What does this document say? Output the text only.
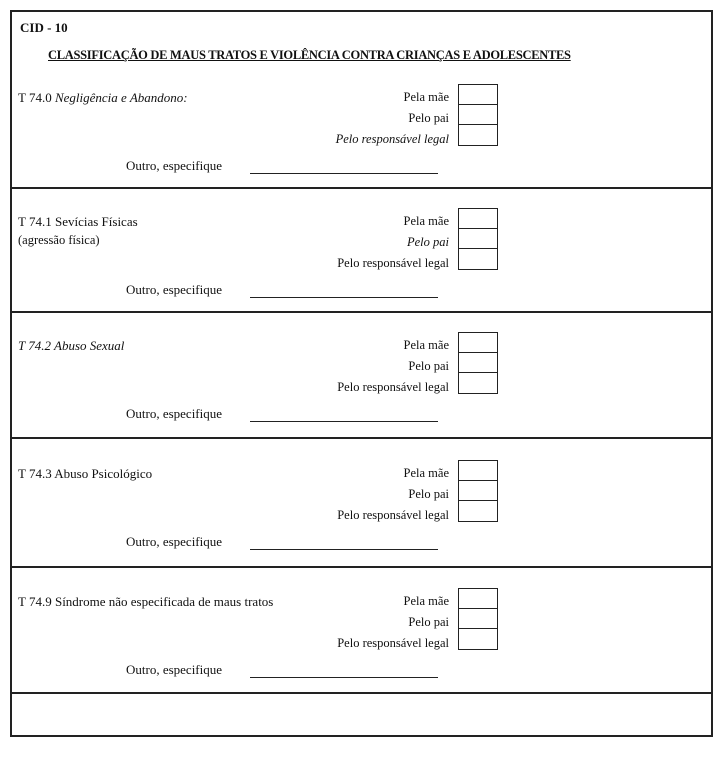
CID - 10
CLASSIFICAÇÃO DE MAUS TRATOS E VIOLÊNCIA CONTRA CRIANÇAS E ADOLESCENTES
T 74.0 Negligência e Abandono:	Pela mãe
Pelo pai
Pelo responsável legal
Outro, especifique
T 74.1 Sevícias Físicas
(agressão física)
Pela mãe
Pelo pai
Pelo responsável legal
Outro, especifique
T 74.2 Abuso Sexual	Pela mãe
Pelo pai
Pelo responsável legal
Outro, especifique
T 74.3 Abuso Psicológico	Pela mãe
Pelo pai
Pelo responsável legal
Outro, especifique
T 74.9 Síndrome não especificada de maus tratos	Pela mãe
Pelo pai
Pelo responsável legal
Outro, especifique
